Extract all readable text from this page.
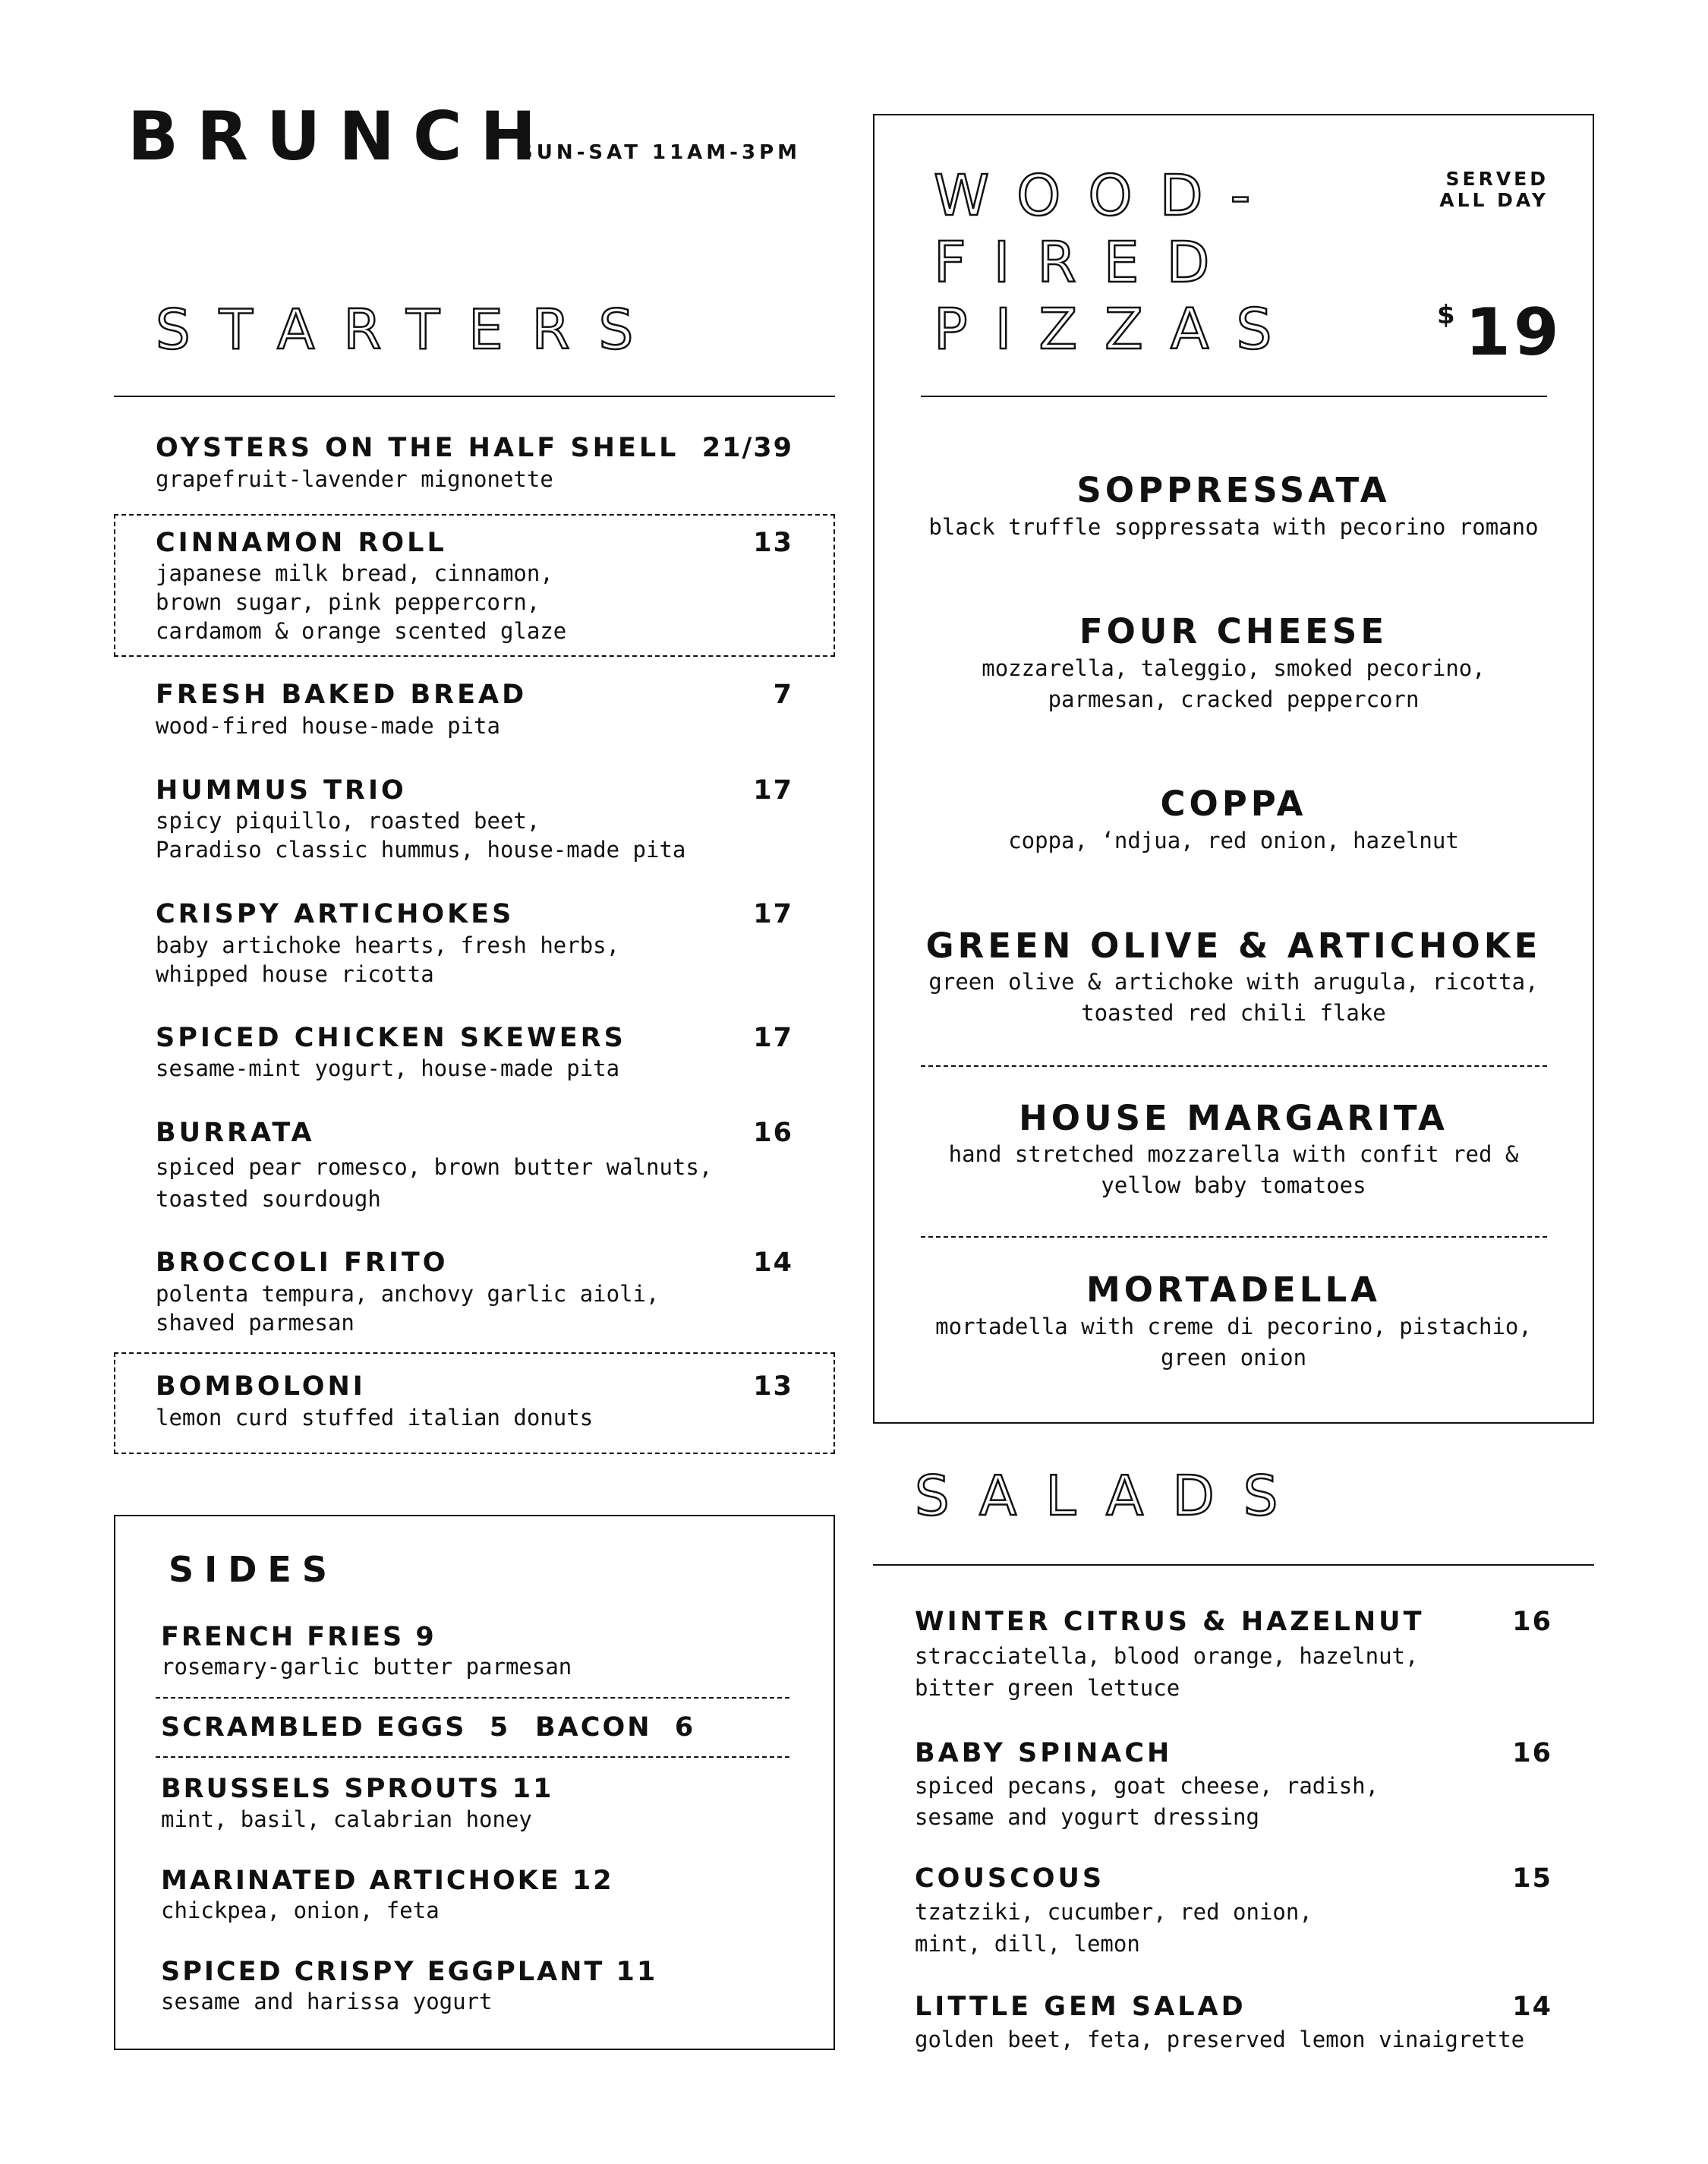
BRUNCH
SUN-SAT 11AM-3PM
STARTERS
OYSTERS ON THE HALF SHELL 21/39
grapefruit-lavender mignonette
CINNAMON ROLL	13
japanese milk bread, cinnamon,
brown sugar, pink peppercorn,
cardamom & orange scented glaze
FRESH BAKED BREAD	7
wood-fired house-made pita
HUMMUS TRIO	17
spicy piquillo, roasted beet,
Paradiso classic hummus, house-made pita
CRISPY ARTICHOKES	17
baby artichoke hearts, fresh herbs,
whipped house ricotta
SPICED CHICKEN SKEWERS	17
sesame-mint yogurt, house-made pita
BURRATA	16
spiced pear romesco, brown butter walnuts,
toasted sourdough
BROCCOLI FRITO	14
polenta tempura, anchovy garlic aioli,
shaved parmesan
BOMBOLONI	13
lemon curd stuffed italian donuts
SIDES
FRENCH FRIES 9
rosemary-garlic butter parmesan
SCRAMBLED EGGS  5 BACON  6
BRUSSELS SPROUTS 11
mint, basil, calabrian honey
MARINATED ARTICHOKE 12
chickpea, onion, feta
SPICED CRISPY EGGPLANT 11
sesame and harissa yogurt
WOOD-
FIRED
PIZZAS
SERVED
ALL DAY
$ 19
SOPPRESSATA
black truffle soppressata with pecorino romano
FOUR CHEESE
mozzarella, taleggio, smoked pecorino,
parmesan, cracked peppercorn
COPPA
coppa, ‘ndjua, red onion, hazelnut
GREEN OLIVE & ARTICHOKE
green olive & artichoke with arugula, ricotta,
toasted red chili flake
HOUSE MARGARITA
hand stretched mozzarella with confit red &
yellow baby tomatoes
MORTADELLA
mortadella with creme di pecorino, pistachio,
green onion
SALADS
WINTER CITRUS & HAZELNUT	16
stracciatella, blood orange, hazelnut,
bitter green lettuce
BABY SPINACH	16
spiced pecans, goat cheese, radish,
sesame and yogurt dressing
COUSCOUS	15
tzatziki, cucumber, red onion,
mint, dill, lemon
LITTLE GEM SALAD	14
golden beet, feta, preserved lemon vinaigrette
